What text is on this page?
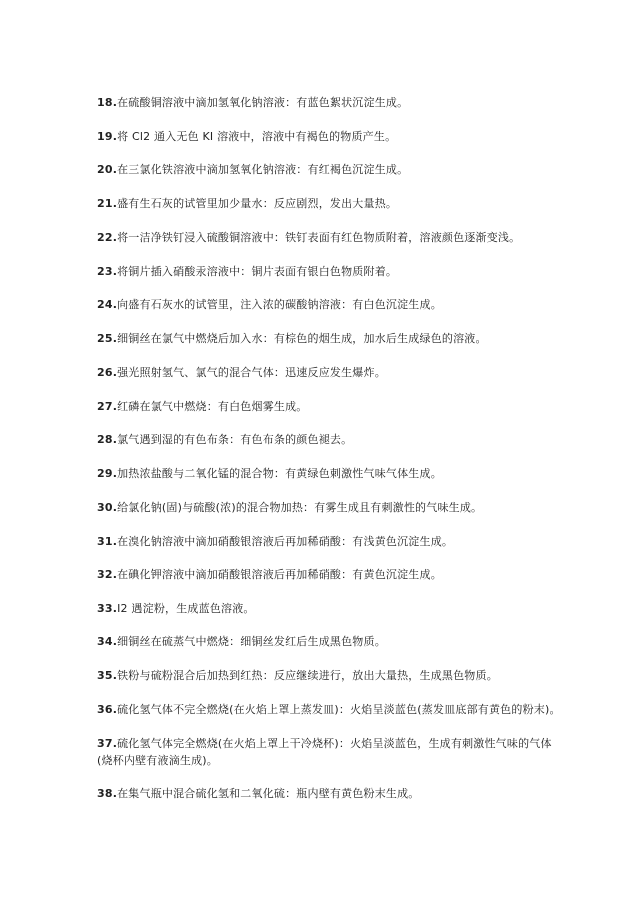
18.在硫酸铜溶液中滴加氢氧化钠溶液：有蓝色絮状沉淀生成。
19.将 Cl2 通入无色 KI 溶液中，溶液中有褐色的物质产生。
20.在三氯化铁溶液中滴加氢氧化钠溶液：有红褐色沉淀生成。
21.盛有生石灰的试管里加少量水：反应剧烈，发出大量热。
22.将一洁净铁钉浸入硫酸铜溶液中：铁钉表面有红色物质附着，溶液颜色逐渐变浅。
23.将铜片插入硝酸汞溶液中：铜片表面有银白色物质附着。
24.向盛有石灰水的试管里，注入浓的碳酸钠溶液：有白色沉淀生成。
25.细铜丝在氯气中燃烧后加入水：有棕色的烟生成，加水后生成绿色的溶液。
26.强光照射氢气、氯气的混合气体：迅速反应发生爆炸。
27.红磷在氯气中燃烧：有白色烟雾生成。
28.氯气遇到湿的有色布条：有色布条的颜色褪去。
29.加热浓盐酸与二氧化锰的混合物：有黄绿色刺激性气味气体生成。
30.给氯化钠(固)与硫酸(浓)的混合物加热：有雾生成且有刺激性的气味生成。
31.在溴化钠溶液中滴加硝酸银溶液后再加稀硝酸：有浅黄色沉淀生成。
32.在碘化钾溶液中滴加硝酸银溶液后再加稀硝酸：有黄色沉淀生成。
33.I2 遇淀粉，生成蓝色溶液。
34.细铜丝在硫蒸气中燃烧：细铜丝发红后生成黑色物质。
35.铁粉与硫粉混合后加热到红热：反应继续进行，放出大量热，生成黑色物质。
36.硫化氢气体不完全燃烧(在火焰上罩上蒸发皿)：火焰呈淡蓝色(蒸发皿底部有黄色的粉末)。
37.硫化氢气体完全燃烧(在火焰上罩上干冷烧杯)：火焰呈淡蓝色，生成有刺激性气味的气体(烧杯内壁有液滴生成)。
38.在集气瓶中混合硫化氢和二氧化硫：瓶内壁有黄色粉末生成。
